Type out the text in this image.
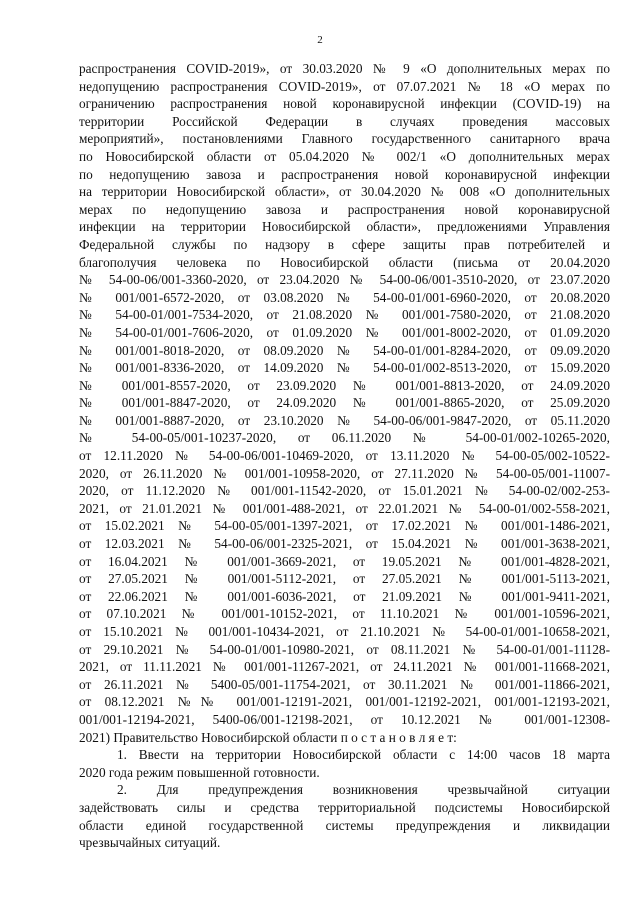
2
распространения COVID-2019», от 30.03.2020 № 9 «О дополнительных мерах по
недопущению распространения COVID-2019», от 07.07.2021 № 18 «О мерах по
ограничению распространения новой коронавирусной инфекции (COVID-19) на
территории Российской Федерации в случаях проведения массовых
мероприятий», постановлениями Главного государственного санитарного врача
по Новосибирской области от 05.04.2020 № 002/1 «О дополнительных мерах
по недопущению завоза и распространения новой коронавирусной инфекции
на территории Новосибирской области», от 30.04.2020 № 008 «О дополнительных
мерах по недопущению завоза и распространения новой коронавирусной
инфекции на территории Новосибирской области», предложениями Управления
Федеральной службы по надзору в сфере защиты прав потребителей и
благополучия человека по Новосибирской области (письма от 20.04.2020
№ 54-00-06/001-3360-2020, от 23.04.2020 № 54-00-06/001-3510-2020, от 23.07.2020
№ 001/001-6572-2020, от 03.08.2020 № 54-00-01/001-6960-2020, от 20.08.2020
№ 54-00-01/001-7534-2020, от 21.08.2020 № 001/001-7580-2020, от 21.08.2020
№ 54-00-01/001-7606-2020, от 01.09.2020 № 001/001-8002-2020, от 01.09.2020
№ 001/001-8018-2020, от 08.09.2020 № 54-00-01/001-8284-2020, от 09.09.2020
№ 001/001-8336-2020, от 14.09.2020 № 54-00-01/002-8513-2020, от 15.09.2020
№ 001/001-8557-2020, от 23.09.2020 № 001/001-8813-2020, от 24.09.2020
№ 001/001-8847-2020, от 24.09.2020 № 001/001-8865-2020, от 25.09.2020
№ 001/001-8887-2020, от 23.10.2020 № 54-00-06/001-9847-2020, от 05.11.2020
№ 54-00-05/001-10237-2020, от 06.11.2020 № 54-00-01/002-10265-2020,
от 12.11.2020 № 54-00-06/001-10469-2020, от 13.11.2020 № 54-00-05/002-10522-
2020, от 26.11.2020 № 001/001-10958-2020, от 27.11.2020 № 54-00-05/001-11007-
2020, от 11.12.2020 № 001/001-11542-2020, от 15.01.2021 № 54-00-02/002-253-
2021, от 21.01.2021 № 001/001-488-2021, от 22.01.2021 № 54-00-01/002-558-2021,
от 15.02.2021 № 54-00-05/001-1397-2021, от 17.02.2021 № 001/001-1486-2021,
от 12.03.2021 № 54-00-06/001-2325-2021, от 15.04.2021 № 001/001-3638-2021,
от 16.04.2021 № 001/001-3669-2021, от 19.05.2021 № 001/001-4828-2021,
от 27.05.2021 № 001/001-5112-2021, от 27.05.2021 № 001/001-5113-2021,
от 22.06.2021 № 001/001-6036-2021, от 21.09.2021 № 001/001-9411-2021,
от 07.10.2021 № 001/001-10152-2021, от 11.10.2021 № 001/001-10596-2021,
от 15.10.2021 № 001/001-10434-2021, от 21.10.2021 № 54-00-01/001-10658-2021,
от 29.10.2021 № 54-00-01/001-10980-2021, от 08.11.2021 № 54-00-01/001-11128-
2021, от 11.11.2021 № 001/001-11267-2021, от 24.11.2021 № 001/001-11668-2021,
от 26.11.2021 № 5400-05/001-11754-2021, от 30.11.2021 № 001/001-11866-2021,
от 08.12.2021 №№ 001/001-12191-2021, 001/001-12192-2021, 001/001-12193-2021,
001/001-12194-2021, 5400-06/001-12198-2021, от 10.12.2021 № 001/001-12308-
2021) Правительство Новосибирской области п о с т а н о в л я е т:
1. Ввести на территории Новосибирской области с 14:00 часов 18 марта
2020 года режим повышенной готовности.
2. Для предупреждения возникновения чрезвычайной ситуации
задействовать силы и средства территориальной подсистемы Новосибирской
области единой государственной системы предупреждения и ликвидации
чрезвычайных ситуаций.
